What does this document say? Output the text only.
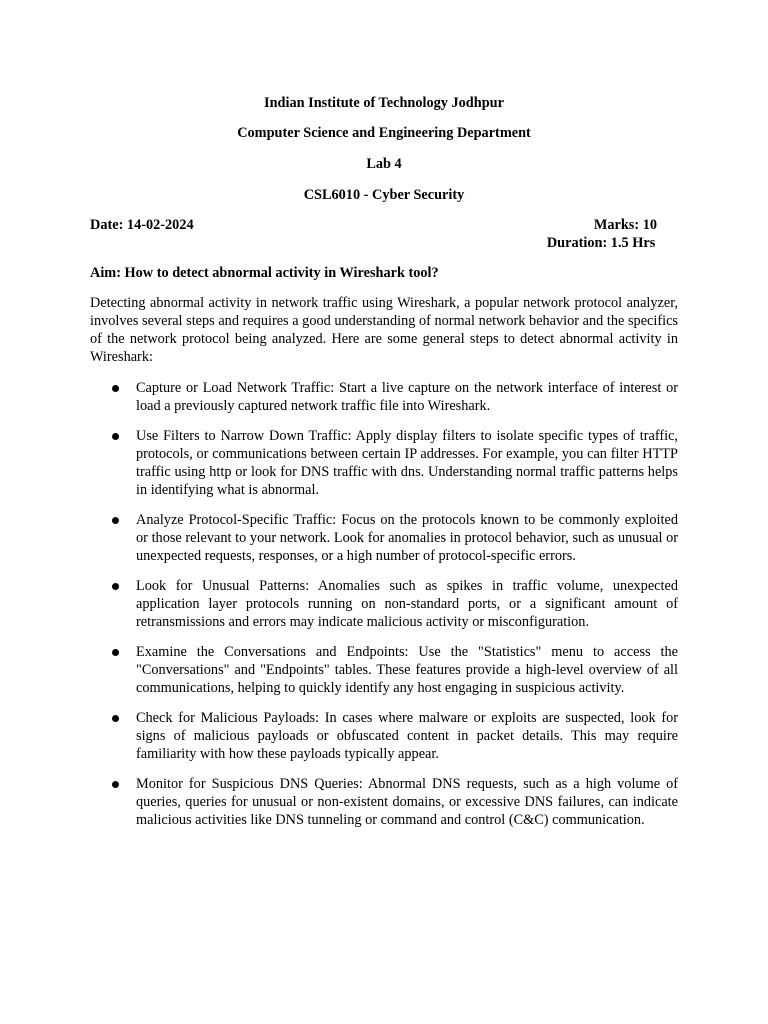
Indian Institute of Technology Jodhpur
Computer Science and Engineering Department
Lab 4
CSL6010 - Cyber Security
Date: 14-02-2024	Marks: 10
Duration: 1.5 Hrs
Aim: How to detect abnormal activity in Wireshark tool?
Detecting abnormal activity in network traffic using Wireshark, a popular network protocol analyzer, involves several steps and requires a good understanding of normal network behavior and the specifics of the network protocol being analyzed. Here are some general steps to detect abnormal activity in Wireshark:
Capture or Load Network Traffic: Start a live capture on the network interface of interest or load a previously captured network traffic file into Wireshark.
Use Filters to Narrow Down Traffic: Apply display filters to isolate specific types of traffic, protocols, or communications between certain IP addresses. For example, you can filter HTTP traffic using http or look for DNS traffic with dns. Understanding normal traffic patterns helps in identifying what is abnormal.
Analyze Protocol-Specific Traffic: Focus on the protocols known to be commonly exploited or those relevant to your network. Look for anomalies in protocol behavior, such as unusual or unexpected requests, responses, or a high number of protocol-specific errors.
Look for Unusual Patterns: Anomalies such as spikes in traffic volume, unexpected application layer protocols running on non-standard ports, or a significant amount of retransmissions and errors may indicate malicious activity or misconfiguration.
Examine the Conversations and Endpoints: Use the "Statistics" menu to access the "Conversations" and "Endpoints" tables. These features provide a high-level overview of all communications, helping to quickly identify any host engaging in suspicious activity.
Check for Malicious Payloads: In cases where malware or exploits are suspected, look for signs of malicious payloads or obfuscated content in packet details. This may require familiarity with how these payloads typically appear.
Monitor for Suspicious DNS Queries: Abnormal DNS requests, such as a high volume of queries, queries for unusual or non-existent domains, or excessive DNS failures, can indicate malicious activities like DNS tunneling or command and control (C&C) communication.
